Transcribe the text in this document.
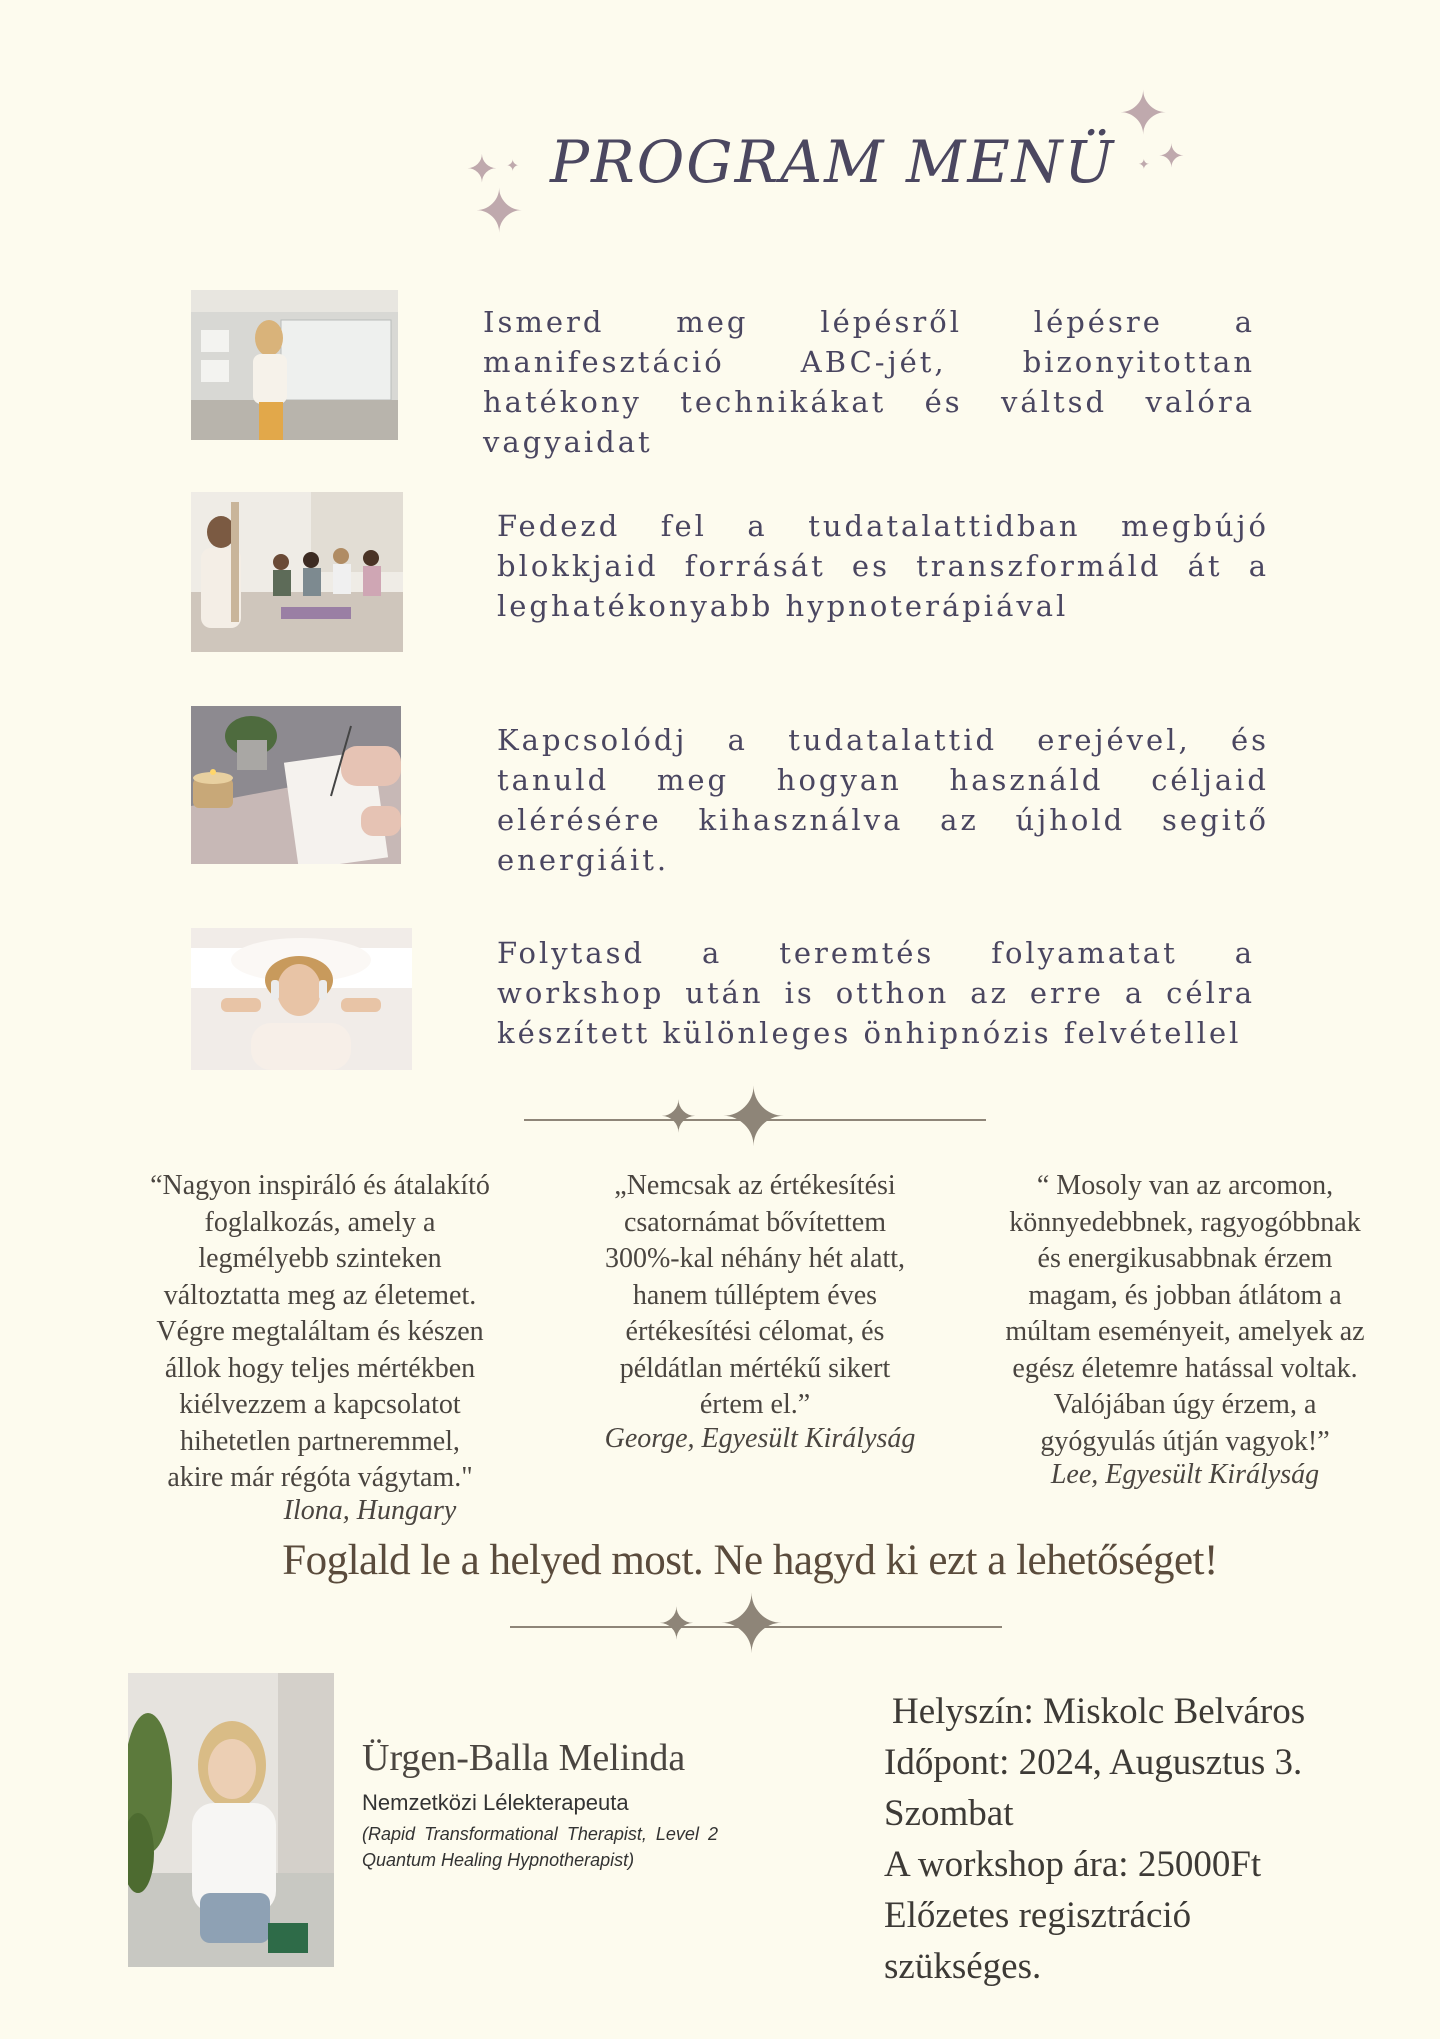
✦ ✦
✦
✦
✦
✦
PROGRAM MENÜ
Ismerd meg lépésről lépésre a manifesztáció ABC-jét, bizonyitottan hatékony technikákat és váltsd valóra vagyaidat
Fedezd fel a tudatalattidban megbújó blokkjaid forrását es transzformáld át a leghatékonyabb hypnoterápiával
Kapcsolódj a tudatalattid erejével, és tanuld meg hogyan használd céljaid elérésére kihasználva az újhold segitő energiáit.
Folytasd a teremtés folyamatat a workshop után is otthon az erre a célra készített különleges önhipnózis felvétellel
✦ ✦
“Nagyon inspiráló és átalakító
foglalkozás, amely a
legmélyebb szinteken
változtatta meg az életemet.
Végre megtaláltam és készen
állok hogy teljes mértékben
kiélvezzem a kapcsolatot
hihetetlen partneremmel,
akire már régóta vágytam."
Ilona, Hungary
„Nemcsak az értékesítési
csatornámat bővítettem
300%-kal néhány hét alatt,
hanem túlléptem éves
értékesítési célomat, és
példátlan mértékű sikert
értem el.”
George, Egyesült Királyság
“ Mosoly van az arcomon,
könnyedebbnek, ragyogóbbnak
és energikusabbnak érzem
magam, és jobban átlátom a
múltam eseményeit, amelyek az
egész életemre hatással voltak.
Valójában úgy érzem, a
gyógyulás útján vagyok!”
Lee, Egyesült Királyság
Foglald le a helyed most. Ne hagyd ki ezt a lehetőséget!
✦ ✦
Ürgen-Balla Melinda
Nemzetközi Lélekterapeuta
(Rapid Transformational Therapist, Level 2 Quantum Healing Hypnotherapist)
Helyszín: Miskolc Belváros
Időpont: 2024, Augusztus 3.
Szombat
A workshop ára: 25000Ft
Előzetes regisztráció
szükséges.
